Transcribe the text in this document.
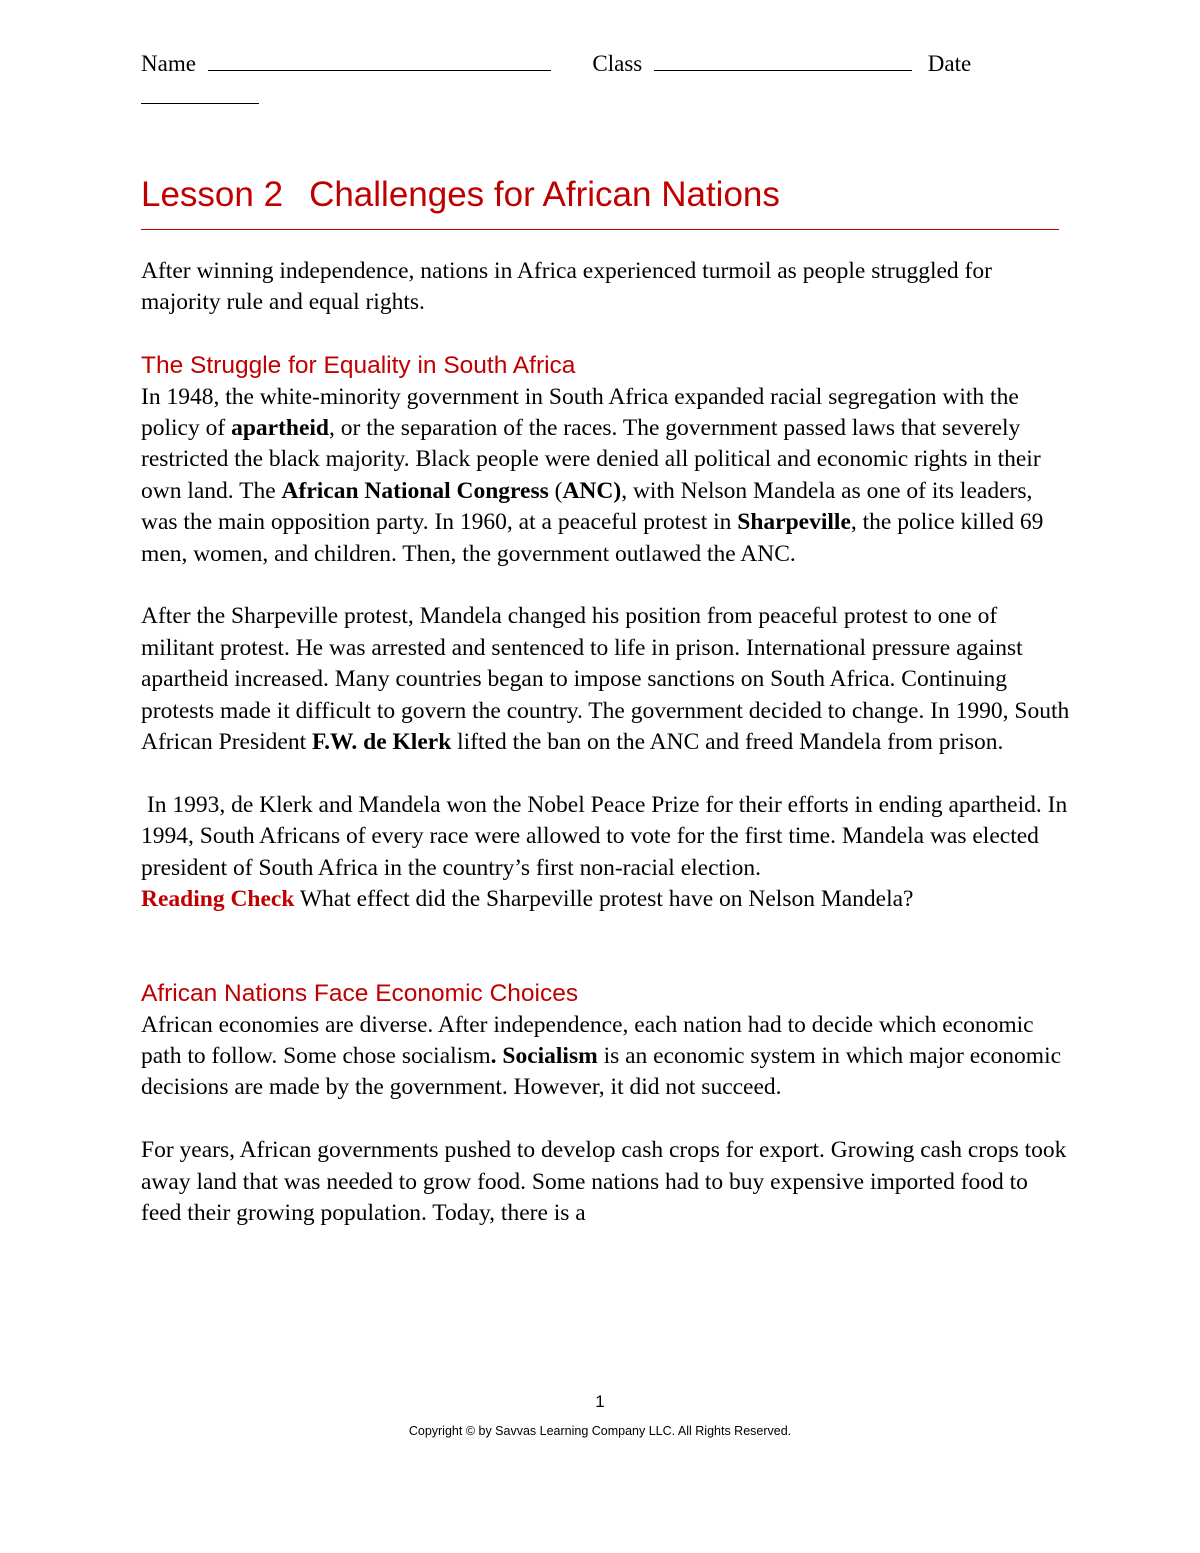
Name	Class	Date
Lesson 2 Challenges for African Nations

After winning independence, nations in Africa experienced turmoil as people struggled for majority rule and equal rights.

The Struggle for Equality in South Africa

In 1948, the white-minority government in South Africa expanded racial segregation with the policy of apartheid, or the separation of the races. The government passed laws that severely restricted the black majority. Black people were denied all political and economic rights in their own land. The African National Congress (ANC), with Nelson Mandela as one of its leaders, was the main opposition party. In 1960, at a peaceful protest in Sharpeville, the police killed 69 men, women, and children. Then, the government outlawed the ANC.

After the Sharpeville protest, Mandela changed his position from peaceful protest to one of militant protest. He was arrested and sentenced to life in prison. International pressure against apartheid increased. Many countries began to impose sanctions on South Africa. Continuing protests made it difficult to govern the country. The government decided to change. In 1990, South African President F.W. de Klerk lifted the ban on the ANC and freed Mandela from prison.

In 1993, de Klerk and Mandela won the Nobel Peace Prize for their efforts in ending apartheid. In 1994, South Africans of every race were allowed to vote for the first time. Mandela was elected president of South Africa in the country’s first non-racial election.

Reading Check What effect did the Sharpeville protest have on Nelson Mandela?

African Nations Face Economic Choices

African economies are diverse. After independence, each nation had to decide which economic path to follow. Some chose socialism. Socialism is an economic system in which major economic decisions are made by the government. However, it did not succeed.

For years, African governments pushed to develop cash crops for export. Growing cash crops took away land that was needed to grow food. Some nations had to buy expensive imported food to feed their growing population. Today, there is a

1
Copyright © by Savvas Learning Company LLC. All Rights Reserved.
